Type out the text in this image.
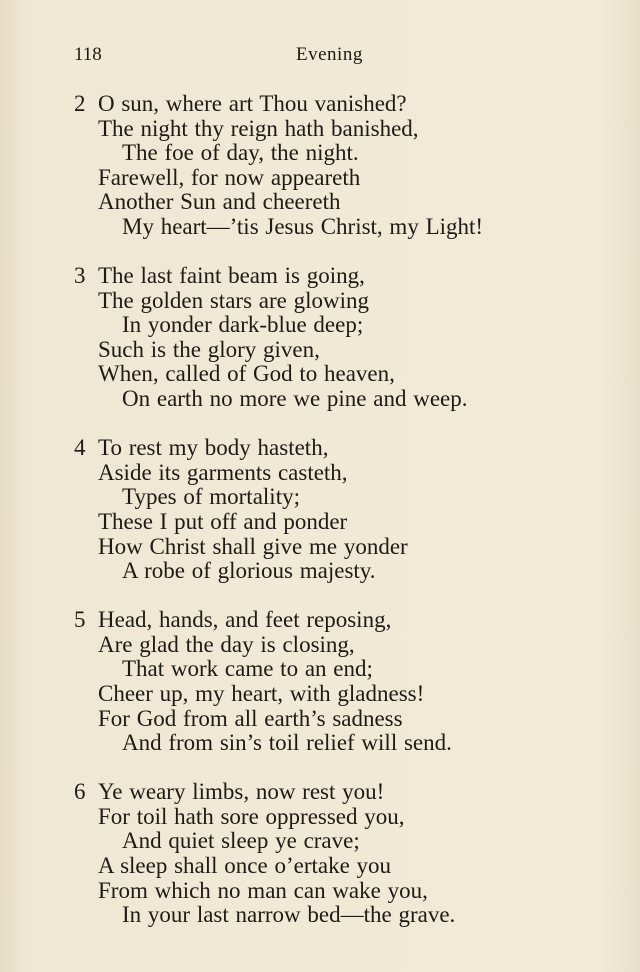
118	Evening
2 O sun, where art Thou vanished?
The night thy reign hath banished,
The foe of day, the night.
Farewell, for now appeareth
Another Sun and cheereth
My heart—’tis Jesus Christ, my Light!
3 The last faint beam is going,
The golden stars are glowing
In yonder dark-blue deep;
Such is the glory given,
When, called of God to heaven,
On earth no more we pine and weep.
4 To rest my body hasteth,
Aside its garments casteth,
Types of mortality;
These I put off and ponder
How Christ shall give me yonder
A robe of glorious majesty.
5 Head, hands, and feet reposing,
Are glad the day is closing,
That work came to an end;
Cheer up, my heart, with gladness!
For God from all earth’s sadness
And from sin’s toil relief will send.
6 Ye weary limbs, now rest you!
For toil hath sore oppressed you,
And quiet sleep ye crave;
A sleep shall once o’ertake you
From which no man can wake you,
In your last narrow bed—the grave.
